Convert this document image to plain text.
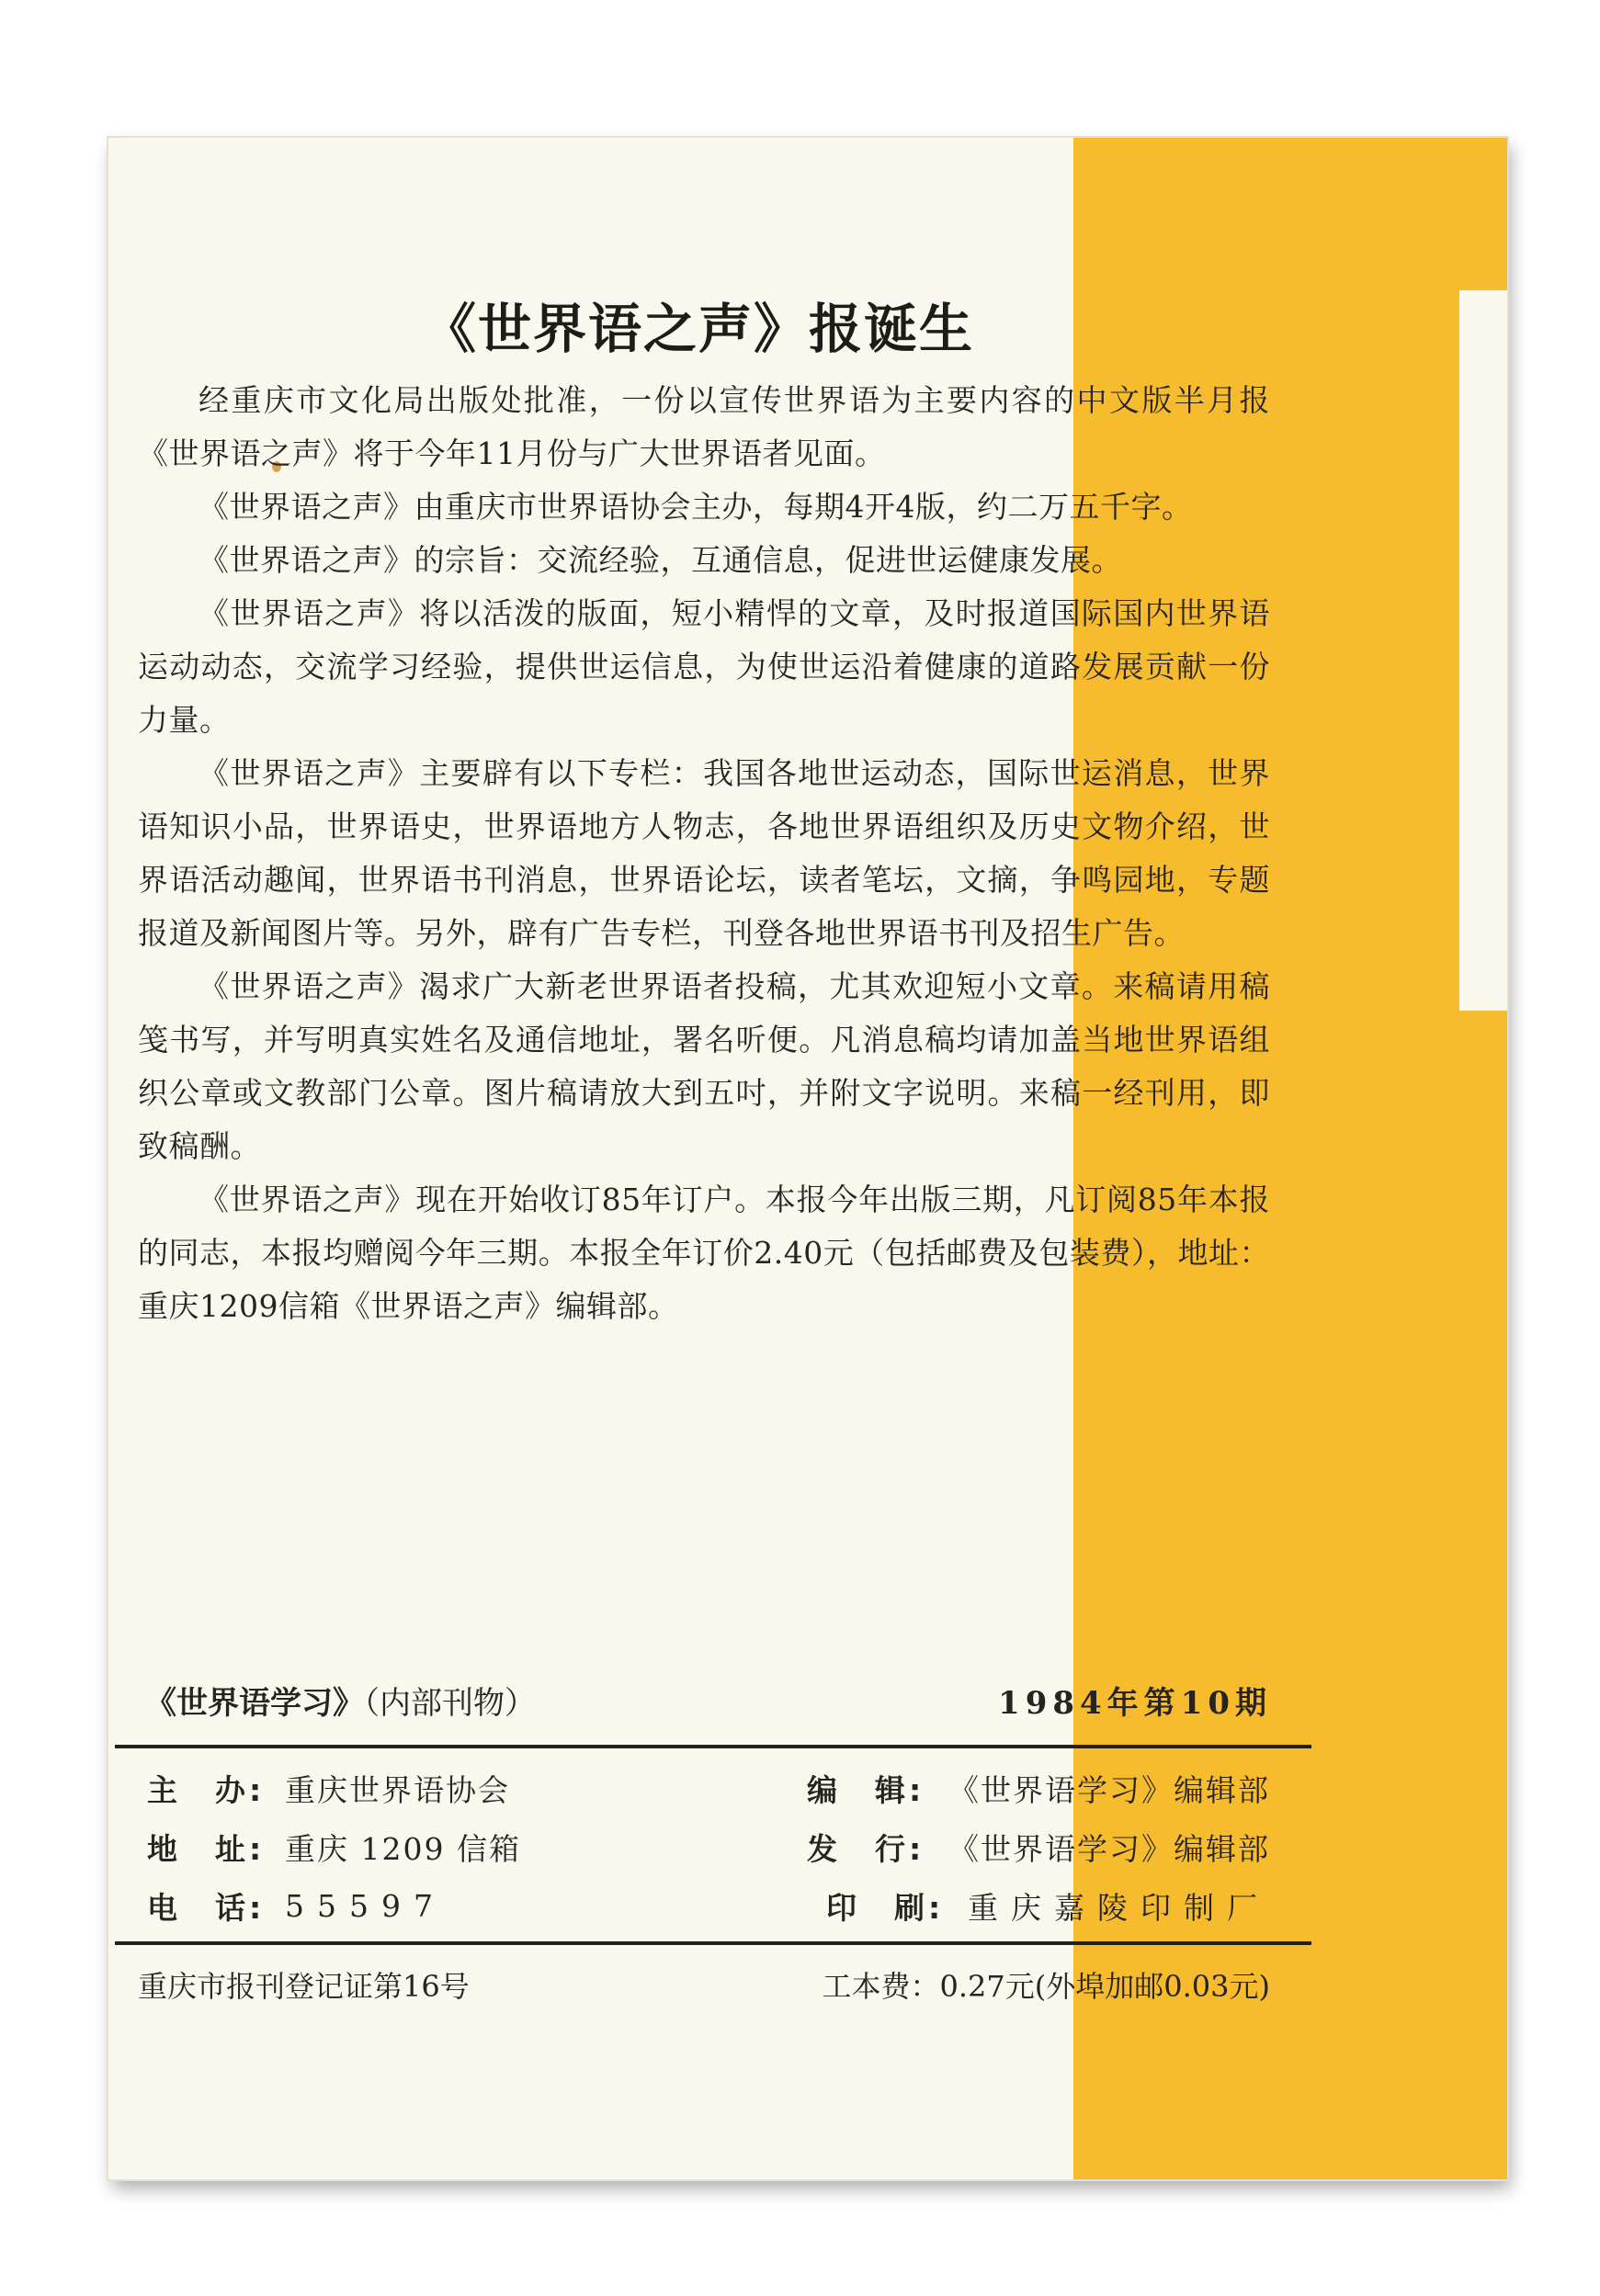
《世界语之声》报诞生

经重庆市文化局出版处批准，一份以宣传世界语为主要内容的中文版半月报《世界语之声》将于今年11月份与广大世界语者见面。

《世界语之声》由重庆市世界语协会主办，每期4开4版，约二万五千字。

《世界语之声》的宗旨：交流经验，互通信息，促进世运健康发展。

《世界语之声》将以活泼的版面，短小精悍的文章，及时报道国际国内世界语运动动态，交流学习经验，提供世运信息，为使世运沿着健康的道路发展贡献一份力量。

《世界语之声》主要辟有以下专栏：我国各地世运动态，国际世运消息，世界语知识小品，世界语史，世界语地方人物志，各地世界语组织及历史文物介绍，世界语活动趣闻，世界语书刊消息，世界语论坛，读者笔坛，文摘，争鸣园地，专题报道及新闻图片等。另外，辟有广告专栏，刊登各地世界语书刊及招生广告。

《世界语之声》渴求广大新老世界语者投稿，尤其欢迎短小文章。来稿请用稿笺书写，并写明真实姓名及通信地址，署名听便。凡消息稿均请加盖当地世界语组织公章或文教部门公章。图片稿请放大到五吋，并附文字说明。来稿一经刊用，即致稿酬。

《世界语之声》现在开始收订85年订户。本报今年出版三期，凡订阅85年本报的同志，本报均赠阅今年三期。本报全年订价2.40元（包括邮费及包装费），地址：重庆1209信箱《世界语之声》编辑部。

《世界语学习》（内部刊物）	1984年第10期
主　办: 重庆世界语协会	编　辑: 《世界语学习》编辑部
地　址: 重庆 1209 信箱	发　行: 《世界语学习》编辑部
电　话: 55597	印　刷: 重庆嘉陵印制厂
重庆市报刊登记证第16号	工本费：0.27元(外埠加邮0.03元)
